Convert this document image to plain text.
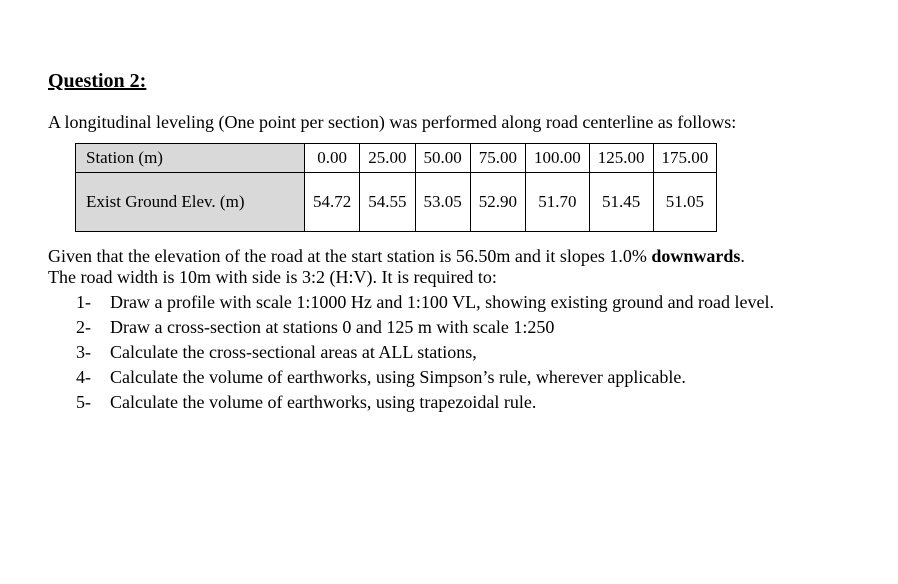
Question 2:
A longitudinal leveling (One point per section) was performed along road centerline as follows:
Station (m)	0.00	25.00	50.00	75.00	100.00	125.00	175.00
Exist Ground Elev. (m)	54.72	54.55	53.05	52.90	51.70	51.45	51.05
Given that the elevation of the road at the start station is 56.50m and it slopes 1.0% downwards.
The road width is 10m with side is 3:2 (H:V). It is required to:
1- Draw a profile with scale 1:1000 Hz and 1:100 VL, showing existing ground and road level.
2- Draw a cross-section at stations 0 and 125 m with scale 1:250
3- Calculate the cross-sectional areas at ALL stations,
4- Calculate the volume of earthworks, using Simpson’s rule, wherever applicable.
5- Calculate the volume of earthworks, using trapezoidal rule.
